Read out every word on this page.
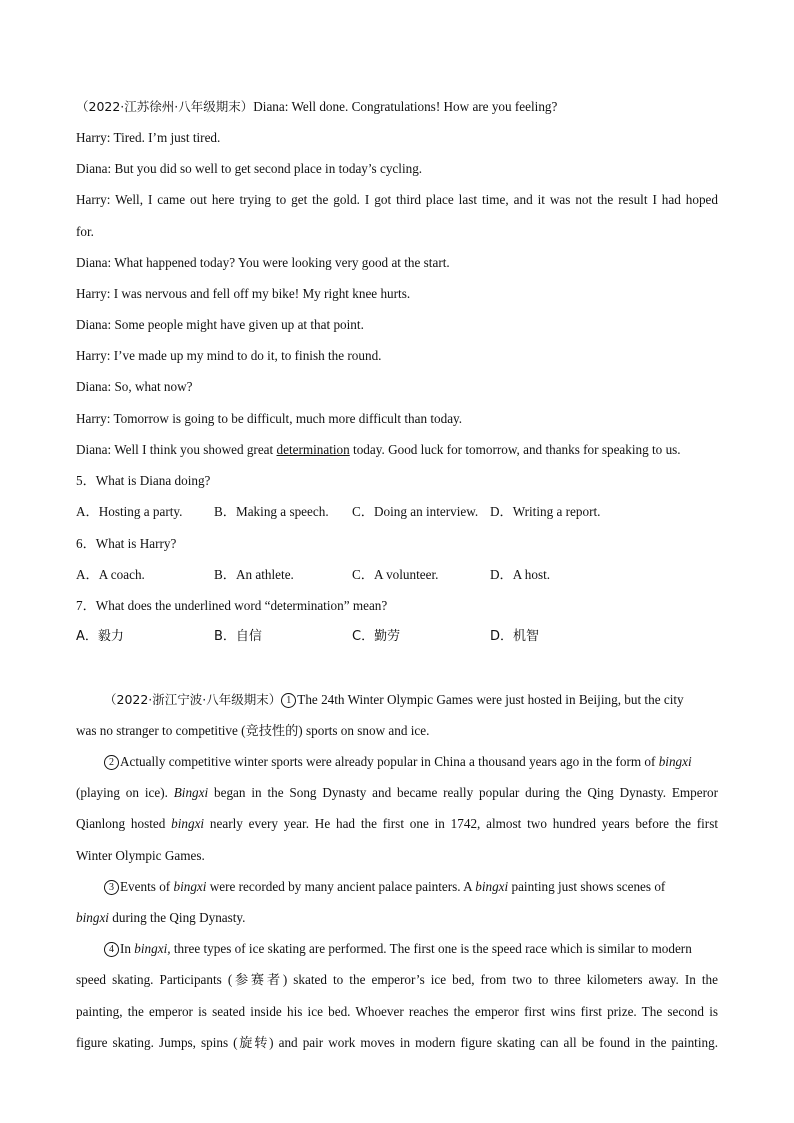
（2022·江苏徐州·八年级期末）Diana: Well done. Congratulations! How are you feeling?
Harry: Tired. I’m just tired.
Diana: But you did so well to get second place in today’s cycling.
Harry: Well, I came out here trying to get the gold. I got third place last time, and it was not the result I had hoped
for.
Diana: What happened today? You were looking very good at the start.
Harry: I was nervous and fell off my bike! My right knee hurts.
Diana: Some people might have given up at that point.
Harry: I’ve made up my mind to do it, to finish the round.
Diana: So, what now?
Harry: Tomorrow is going to be difficult, much more difficult than today.
Diana: Well I think you showed great determination today. Good luck for tomorrow, and thanks for speaking to us.
5．What is Diana doing?
A．Hosting a party. B．Making a speech. C．Doing an interview. D．Writing a report.
6．What is Harry?
A．A coach.	B．An athlete.	C．A volunteer.	D．A host.
7．What does the underlined word “determination” mean?
A．毅力	B．自信	C．勤劳	D．机智
（2022·浙江宁波·八年级期末） 1 The 24th Winter Olympic Games were just hosted in Beijing, but the city
was no stranger to competitive (竞技性的) sports on snow and ice.
2 Actually competitive winter sports were already popular in China a thousand years ago in the form of bingxi
(playing on ice). Bingxi began in the Song Dynasty and became really popular during the Qing Dynasty. Emperor
Qianlong hosted bingxi nearly every year. He had the first one in 1742, almost two hundred years before the first
Winter Olympic Games.
3 Events of bingxi were recorded by many ancient palace painters. A bingxi painting just shows scenes of
bingxi during the Qing Dynasty.
4 In bingxi, three types of ice skating are performed. The first one is the speed race which is similar to modern
speed skating. Participants (参赛者) skated to the emperor’s ice bed, from two to three kilometers away. In the
painting, the emperor is seated inside his ice bed. Whoever reaches the emperor first wins first prize. The second is
figure skating. Jumps, spins (旋转) and pair work moves in modern figure skating can all be found in the painting.
